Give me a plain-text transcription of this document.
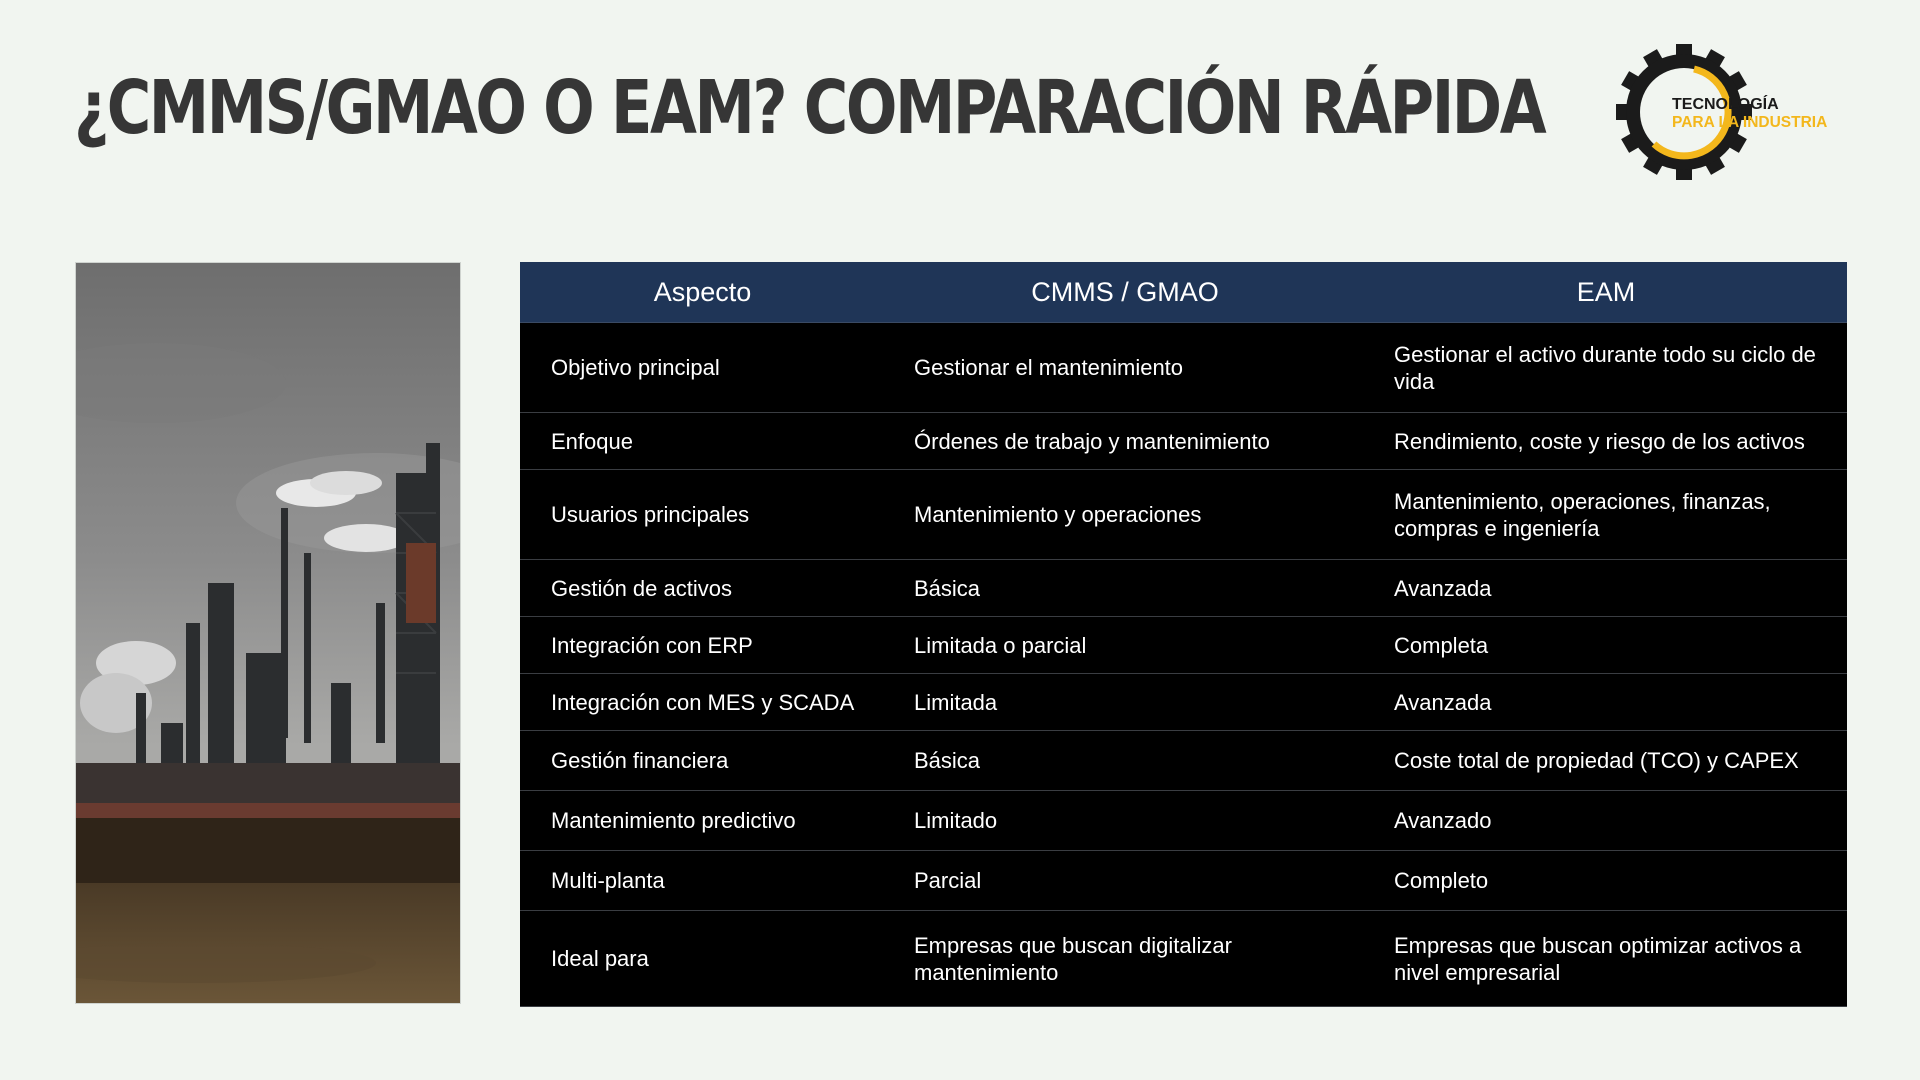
¿CMMS/GMAO O EAM? COMPARACIÓN RÁPIDA	TECNOLOGÍA
PARA LA INDUSTRIA
Aspecto	CMMS / GMAO	EAM
Objetivo principal	Gestionar el mantenimiento	Gestionar el activo durante todo su ciclo de vida
Enfoque	Órdenes de trabajo y mantenimiento	Rendimiento, coste y riesgo de los activos
Usuarios principales	Mantenimiento y operaciones	Mantenimiento, operaciones, finanzas, compras e ingeniería
Gestión de activos	Básica	Avanzada
Integración con ERP	Limitada o parcial	Completa
Integración con MES y SCADA	Limitada	Avanzada
Gestión financiera	Básica	Coste total de propiedad (TCO) y CAPEX
Mantenimiento predictivo	Limitado	Avanzado
Multi-planta	Parcial	Completo
Ideal para	Empresas que buscan digitalizar mantenimiento	Empresas que buscan optimizar activos a nivel empresarial
